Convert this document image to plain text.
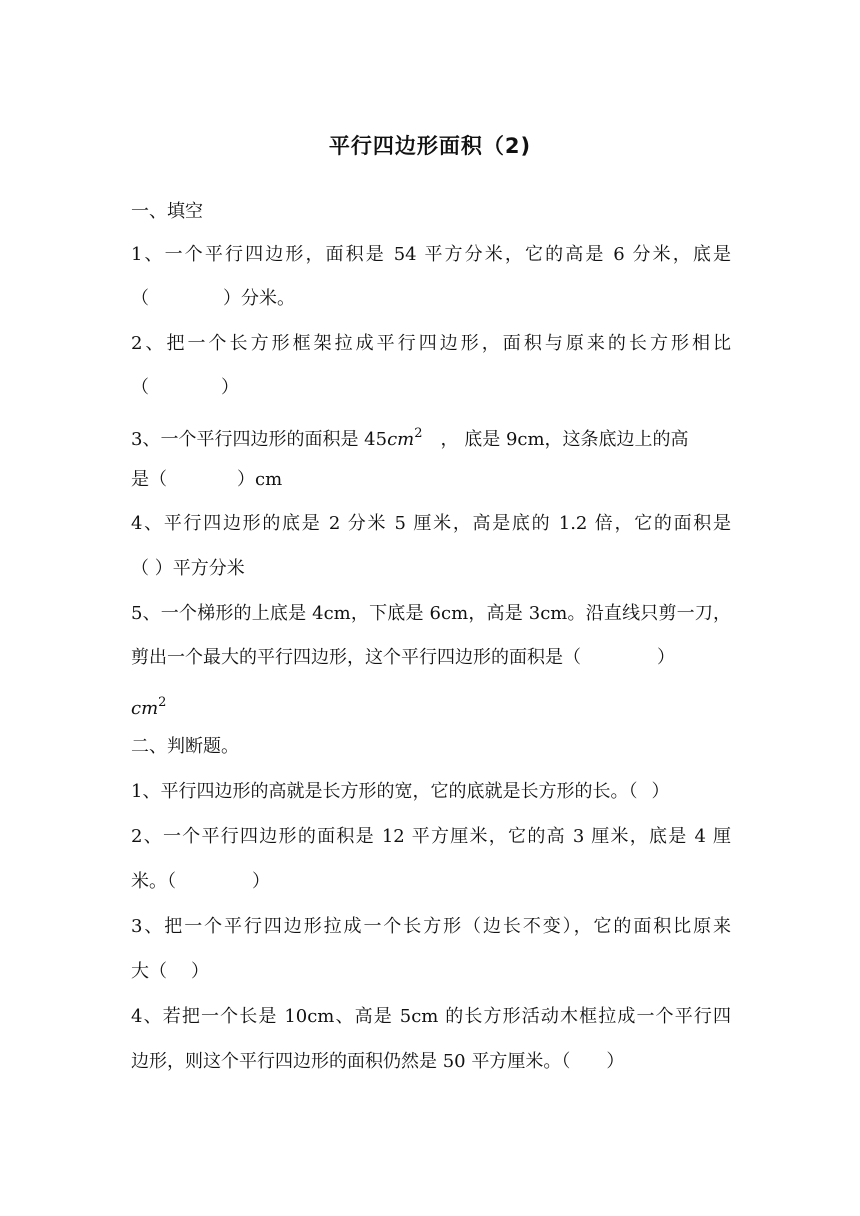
平行四边形面积（2)
一、填空
1、一个平行四边形，面积是 54 平方分米，它的高是 6 分米，底是
（	）分米。
2、把一个长方形框架拉成平行四边形，面积与原来的长方形相比
（	）
3、一个平行四边形的面积是 $45cm^2$ ， 底是 9cm，这条底边上的高
是（	）cm
4、平行四边形的底是 2 分米 5 厘米，高是底的 1.2 倍，它的面积是
（ ）平方分米
5、一个梯形的上底是 4cm，下底是 6cm，高是 3cm。沿直线只剪一刀，
剪出一个最大的平行四边形，这个平行四边形的面积是（	）
$cm^2$
二、判断题。
1、平行四边形的高就是长方形的宽，它的底就是长方形的长。（ ）
2、一个平行四边形的面积是 12 平方厘米，它的高 3 厘米，底是 4 厘
米。（	）
3、把一个平行四边形拉成一个长方形（边长不变），它的面积比原来
大（ ）
4、若把一个长是 10cm、高是 5cm 的长方形活动木框拉成一个平行四
边形，则这个平行四边形的面积仍然是 50 平方厘米。（ ）
